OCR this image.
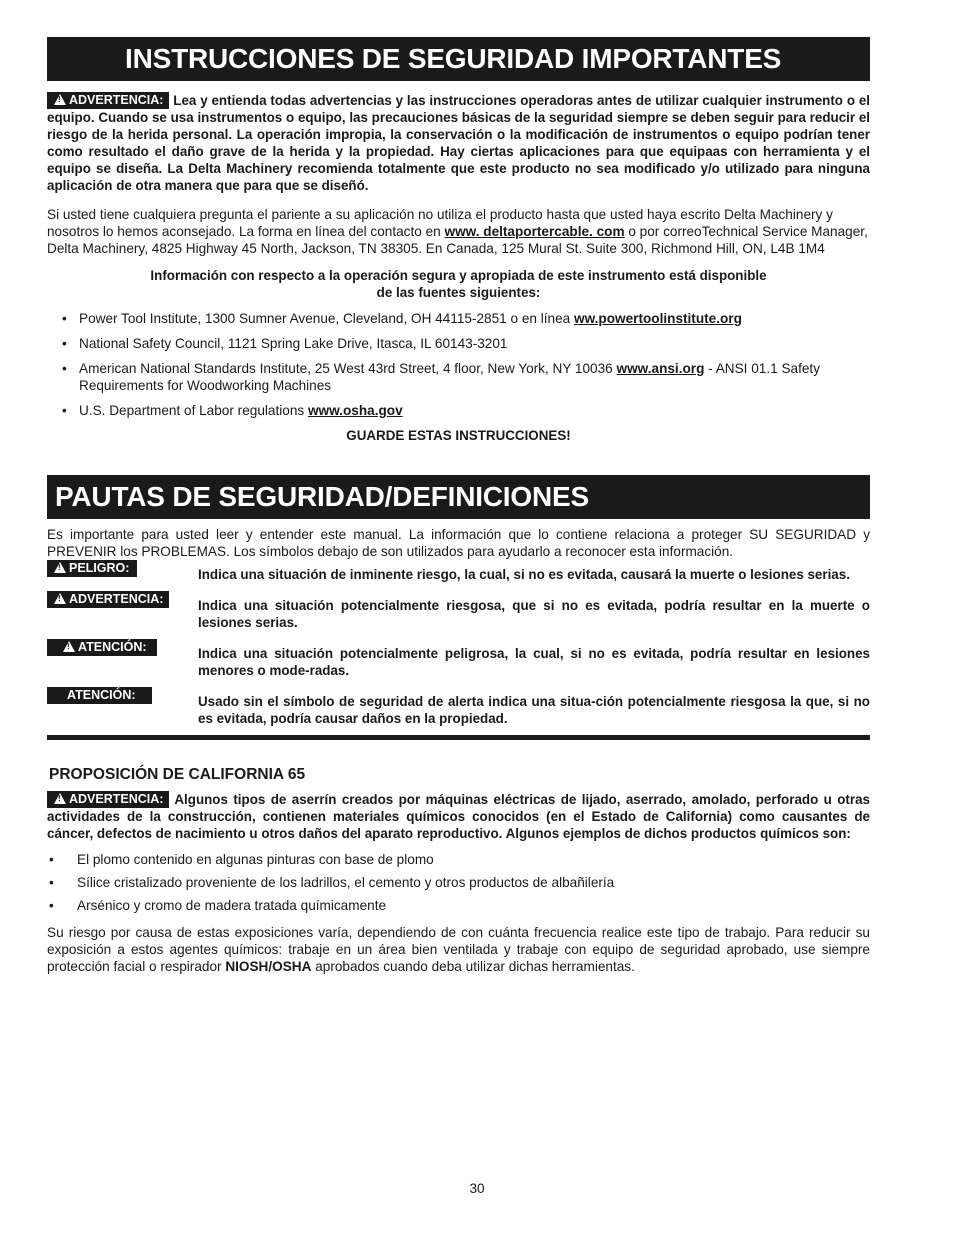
INSTRUCCIONES DE SEGURIDAD IMPORTANTES

!ADVERTENCIA: Lea y entienda todas advertencias y las instrucciones operadoras antes de utilizar cualquier instrumento o el equipo. Cuando se usa instrumentos o equipo, las precauciones básicas de la seguridad siempre se deben seguir para reducir el riesgo de la herida personal. La operación impropia, la conservación o la modificación de instrumentos o equipo podrían tener como resultado el daño grave de la herida y la propiedad. Hay ciertas aplicaciones para que equipaas con herramienta y el equipo se diseña. La Delta Machinery recomienda totalmente que este producto no sea modificado y/o utilizado para ninguna aplicación de otra manera que para que se diseñó.

Si usted tiene cualquiera pregunta el pariente a su aplicación no utiliza el producto hasta que usted haya escrito Delta Machinery y nosotros lo hemos aconsejado. La forma en línea del contacto en www. deltaportercable. com o por correoTechnical Service Manager, Delta Machinery, 4825 Highway 45 North, Jackson, TN 38305. En Canada, 125 Mural St. Suite 300, Richmond Hill, ON, L4B 1M4

Información con respecto a la operación segura y apropiada de este instrumento está disponible
de las fuentes siguientes:
• Power Tool Institute, 1300 Sumner Avenue, Cleveland, OH 44115-2851 o en línea ww.powertoolinstitute.org
• National Safety Council, 1121 Spring Lake Drive, Itasca, IL 60143-3201
• American National Standards Institute, 25 West 43rd Street, 4 floor, New York, NY 10036 www.ansi.org - ANSI 01.1 Safety Requirements for Woodworking Machines
• U.S. Department of Labor regulations www.osha.gov
GUARDE ESTAS INSTRUCCIONES!
PAUTAS DE SEGURIDAD/DEFINICIONES

Es importante para usted leer y entender este manual. La información que lo contiene relaciona a proteger SU SEGURIDAD y PREVENIR los PROBLEMAS. Los símbolos debajo de son utilizados para ayudarlo a reconocer esta información.

!PELIGRO:	Indica una situación de inminente riesgo, la cual, si no es evitada, causará la muerte o lesiones serias.
!ADVERTENCIA:	Indica una situación potencialmente riesgosa, que si no es evitada, podría resultar en la muerte o lesiones serias.
!ATENCIÓN:	Indica una situación potencialmente peligrosa, la cual, si no es evitada, podría resultar en lesiones menores o mode-radas.
ATENCIÓN:	Usado sin el símbolo de seguridad de alerta indica una situa-ción potencialmente riesgosa la que, si no es evitada, podría causar daños en la propiedad.
PROPOSICIÓN DE CALIFORNIA 65

!ADVERTENCIA: Algunos tipos de aserrín creados por máquinas eléctricas de lijado, aserrado, amolado, perforado u otras actividades de la construcción, contienen materiales químicos conocidos (en el Estado de California) como causantes de cáncer, defectos de nacimiento u otros daños del aparato reproductivo. Algunos ejemplos de dichos productos químicos son:

• El plomo contenido en algunas pinturas con base de plomo
• Sílice cristalizado proveniente de los ladrillos, el cemento y otros productos de albañilería
• Arsénico y cromo de madera tratada químicamente

Su riesgo por causa de estas exposiciones varía, dependiendo de con cuánta frecuencia realice este tipo de trabajo. Para reducir su exposición a estos agentes químicos: trabaje en un área bien ventilada y trabaje con equipo de seguridad aprobado, use siempre protección facial o respirador NIOSH/OSHA aprobados cuando deba utilizar dichas herramientas.

30
